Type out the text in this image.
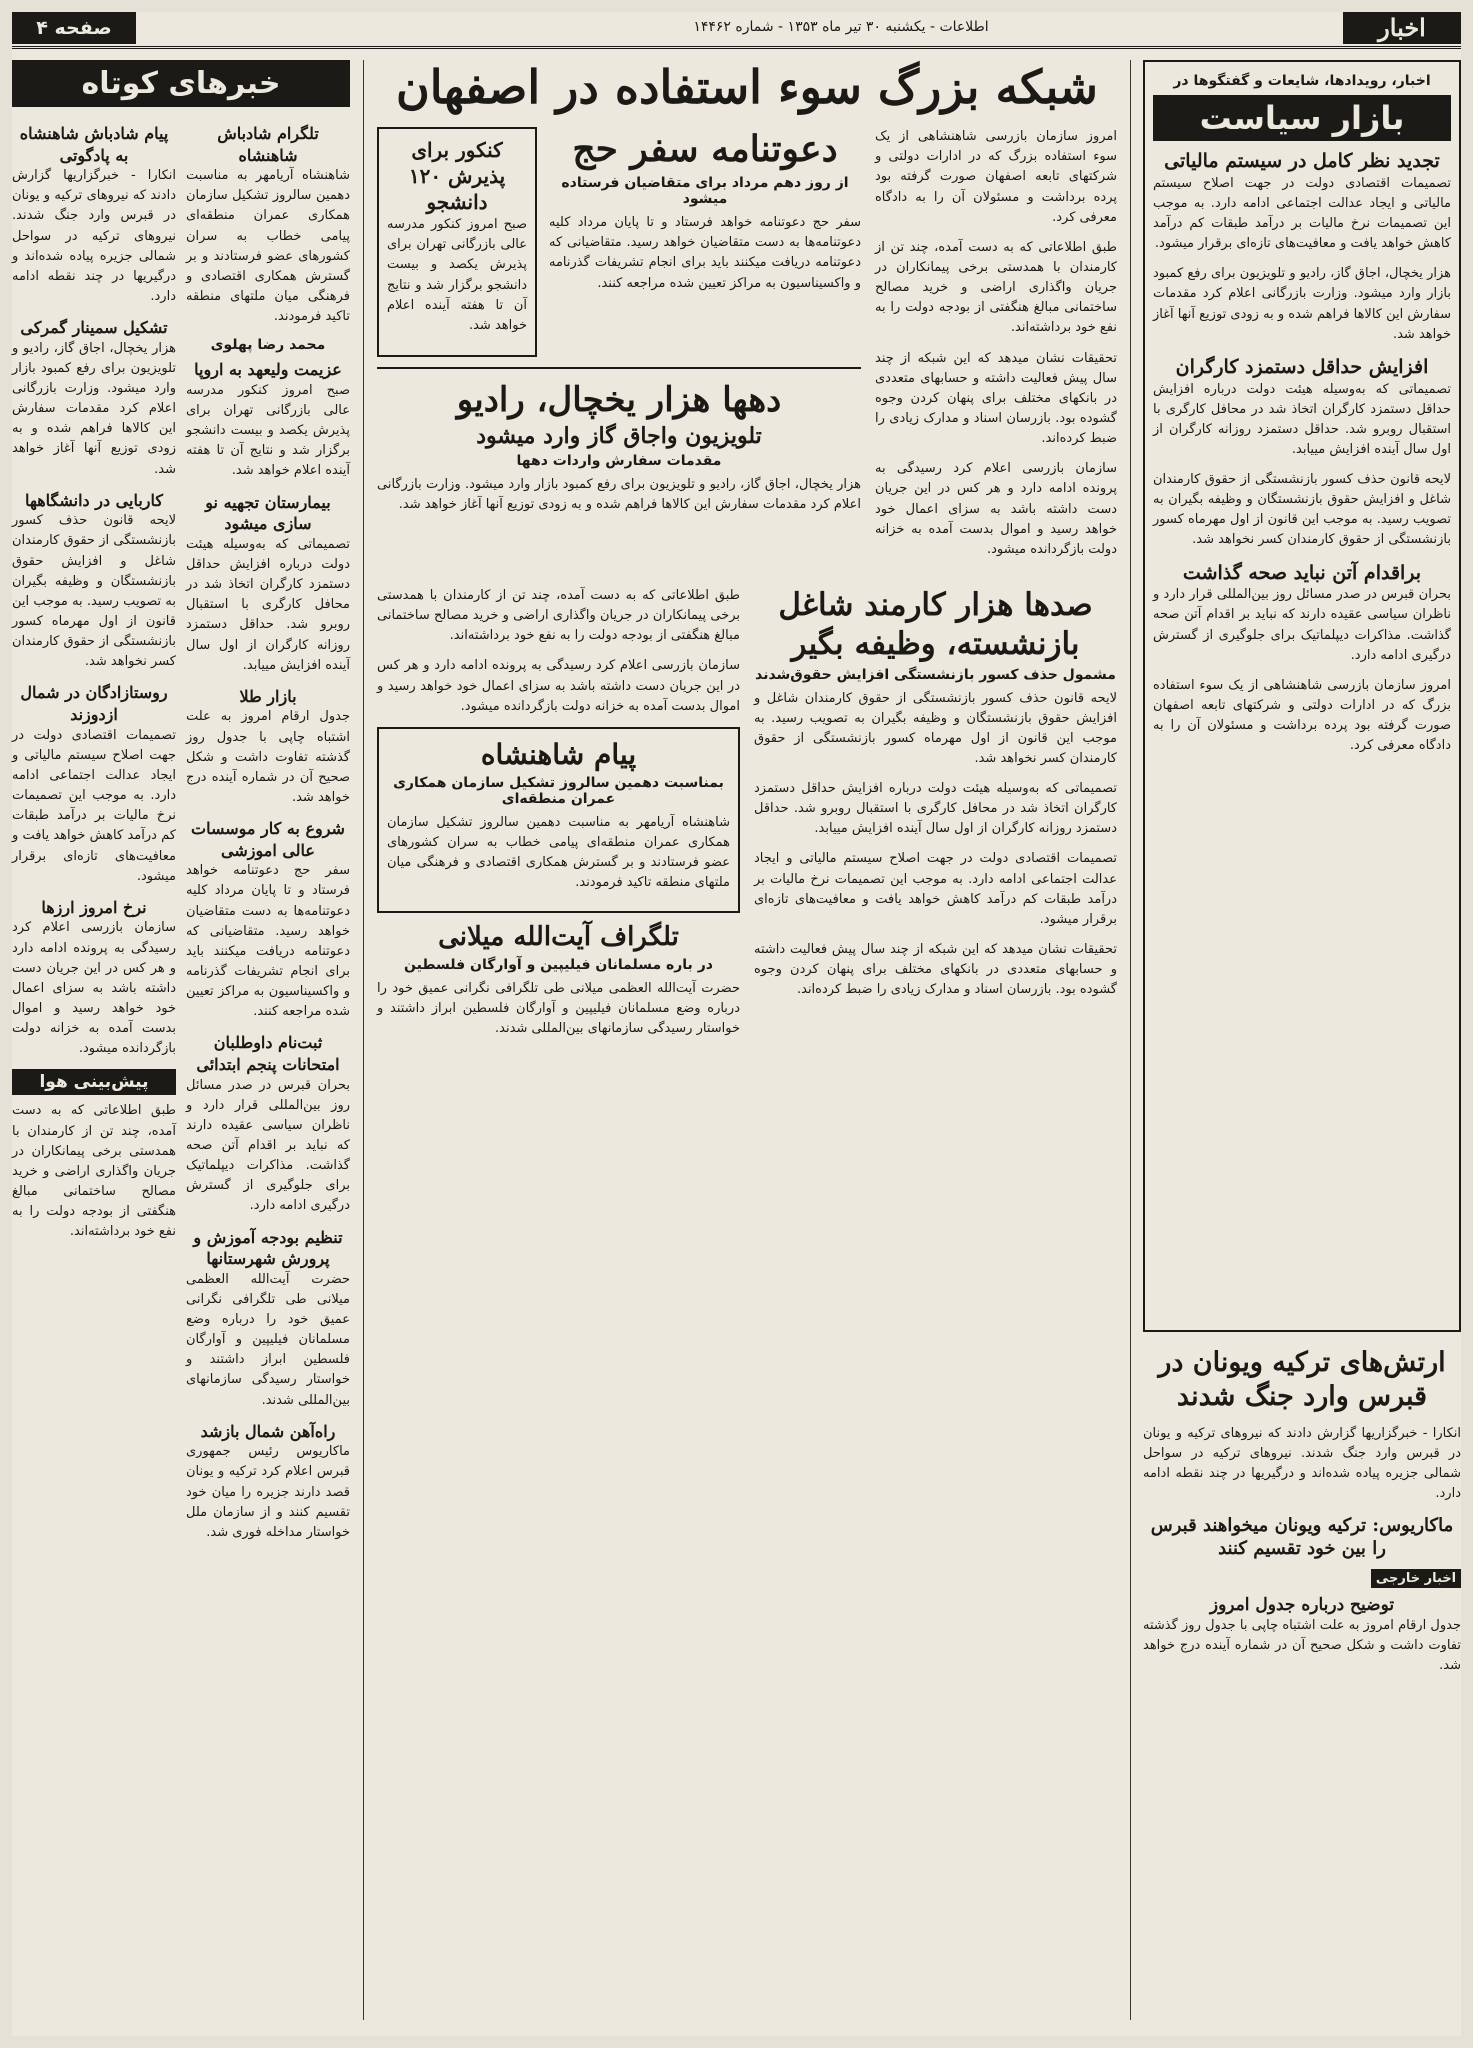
اخبار
اطلاعات - یکشنبه ۳۰ تیر ماه ۱۳۵۳ - شماره ۱۴۴۶۲
صفحه ۴
اخبار، رویدادها، شایعات و گفتگوها در
بازار سیاست
تجدید نظر کامل در سیستم مالیاتی

تصمیمات اقتصادی دولت در جهت اصلاح سیستم مالیاتی و ایجاد عدالت اجتماعی ادامه دارد. به موجب این تصمیمات نرخ مالیات بر درآمد طبقات کم درآمد کاهش خواهد یافت و معافیت‌های تازه‌ای برقرار میشود.

هزار یخچال، اجاق گاز، رادیو و تلویزیون برای رفع کمبود بازار وارد میشود. وزارت بازرگانی اعلام کرد مقدمات سفارش این کالاها فراهم شده و به زودی توزیع آنها آغاز خواهد شد.

افزایش حداقل دستمزد کارگران

تصمیماتی که به‌وسیله هیئت دولت درباره افزایش حداقل دستمزد کارگران اتخاذ شد در محافل کارگری با استقبال روبرو شد. حداقل دستمزد روزانه کارگران از اول سال آینده افزایش مییابد.

لایحه قانون حذف کسور بازنشستگی از حقوق کارمندان شاغل و افزایش حقوق بازنشستگان و وظیفه بگیران به تصویب رسید. به موجب این قانون از اول مهرماه کسور بازنشستگی از حقوق کارمندان کسر نخواهد شد.

براقدام آتن نباید صحه گذاشت

بحران قبرس در صدر مسائل روز بین‌المللی قرار دارد و ناظران سیاسی عقیده دارند که نباید بر اقدام آتن صحه گذاشت. مذاکرات دیپلماتیک برای جلوگیری از گسترش درگیری ادامه دارد.

امروز سازمان بازرسی شاهنشاهی از یک سوء استفاده بزرگ که در ادارات دولتی و شرکتهای تابعه اصفهان صورت گرفته بود پرده برداشت و مسئولان آن را به دادگاه معرفی کرد.

ارتش‌های ترکیه ویونان در قبرس وارد جنگ شدند

انکارا - خبرگزاریها گزارش دادند که نیروهای ترکیه و یونان در قبرس وارد جنگ شدند. نیروهای ترکیه در سواحل شمالی جزیره پیاده شده‌اند و درگیریها در چند نقطه ادامه دارد.

ماکاریوس: ترکیه ویونان میخواهند قبرس را بین خود تقسیم کنند
اخبار خارجی
توضیح درباره جدول امروز

جدول ارقام امروز به علت اشتباه چاپی با جدول روز گذشته تفاوت داشت و شکل صحیح آن در شماره آینده درج خواهد شد.

شبکه بزرگ سوء استفاده در اصفهان

امروز سازمان بازرسی شاهنشاهی از یک سوء استفاده بزرگ که در ادارات دولتی و شرکتهای تابعه اصفهان صورت گرفته بود پرده برداشت و مسئولان آن را به دادگاه معرفی کرد.

طبق اطلاعاتی که به دست آمده، چند تن از کارمندان با همدستی برخی پیمانکاران در جریان واگذاری اراضی و خرید مصالح ساختمانی مبالغ هنگفتی از بودجه دولت را به نفع خود برداشته‌اند.

تحقیقات نشان میدهد که این شبکه از چند سال پیش فعالیت داشته و حسابهای متعددی در بانکهای مختلف برای پنهان کردن وجوه گشوده بود. بازرسان اسناد و مدارک زیادی را ضبط کرده‌اند.

سازمان بازرسی اعلام کرد رسیدگی به پرونده ادامه دارد و هر کس در این جریان دست داشته باشد به سزای اعمال خود خواهد رسید و اموال بدست آمده به خزانه دولت بازگردانده میشود.

دعوتنامه سفر حج
از روز دهم مرداد برای متقاضیان فرستاده میشود

سفر حج دعوتنامه خواهد فرستاد و تا پایان مرداد کلیه دعوتنامه‌ها به دست متقاضیان خواهد رسید. متقاضیانی که دعوتنامه دریافت میکنند باید برای انجام تشریفات گذرنامه و واکسیناسیون به مراکز تعیین شده مراجعه کنند.

کنکور برای پذیرش ۱۲۰ دانشجو

صبح امروز کنکور مدرسه عالی بازرگانی تهران برای پذیرش یکصد و بیست دانشجو برگزار شد و نتایج آن تا هفته آینده اعلام خواهد شد.

دهها هزار یخچال، رادیو
تلویزیون واجاق گاز وارد میشود
مقدمات سفارش واردات دهها

هزار یخچال، اجاق گاز، رادیو و تلویزیون برای رفع کمبود بازار وارد میشود. وزارت بازرگانی اعلام کرد مقدمات سفارش این کالاها فراهم شده و به زودی توزیع آنها آغاز خواهد شد.

صدها هزار کارمند شاغل بازنشسته، وظیفه بگیر
مشمول حذف کسور بازنشستگی افزایش حقوق‌شدند

لایحه قانون حذف کسور بازنشستگی از حقوق کارمندان شاغل و افزایش حقوق بازنشستگان و وظیفه بگیران به تصویب رسید. به موجب این قانون از اول مهرماه کسور بازنشستگی از حقوق کارمندان کسر نخواهد شد.

تصمیماتی که به‌وسیله هیئت دولت درباره افزایش حداقل دستمزد کارگران اتخاذ شد در محافل کارگری با استقبال روبرو شد. حداقل دستمزد روزانه کارگران از اول سال آینده افزایش مییابد.

تصمیمات اقتصادی دولت در جهت اصلاح سیستم مالیاتی و ایجاد عدالت اجتماعی ادامه دارد. به موجب این تصمیمات نرخ مالیات بر درآمد طبقات کم درآمد کاهش خواهد یافت و معافیت‌های تازه‌ای برقرار میشود.

تحقیقات نشان میدهد که این شبکه از چند سال پیش فعالیت داشته و حسابهای متعددی در بانکهای مختلف برای پنهان کردن وجوه گشوده بود. بازرسان اسناد و مدارک زیادی را ضبط کرده‌اند.

طبق اطلاعاتی که به دست آمده، چند تن از کارمندان با همدستی برخی پیمانکاران در جریان واگذاری اراضی و خرید مصالح ساختمانی مبالغ هنگفتی از بودجه دولت را به نفع خود برداشته‌اند.

سازمان بازرسی اعلام کرد رسیدگی به پرونده ادامه دارد و هر کس در این جریان دست داشته باشد به سزای اعمال خود خواهد رسید و اموال بدست آمده به خزانه دولت بازگردانده میشود.

پیام شاهنشاه
بمناسبت دهمین سالروز تشکیل سازمان همکاری عمران منطقه‌ای

شاهنشاه آریامهر به مناسبت دهمین سالروز تشکیل سازمان همکاری عمران منطقه‌ای پیامی خطاب به سران کشورهای عضو فرستادند و بر گسترش همکاری اقتصادی و فرهنگی میان ملتهای منطقه تاکید فرمودند.

تلگراف آیت‌الله میلانی
در باره مسلمانان فیلیپین و آوارگان فلسطین

حضرت آیت‌الله العظمی میلانی طی تلگرافی نگرانی عمیق خود را درباره وضع مسلمانان فیلیپین و آوارگان فلسطین ابراز داشتند و خواستار رسیدگی سازمانهای بین‌المللی شدند.

خبرهای کوتاه
تلگرام شادباش شاهنشاه

شاهنشاه آریامهر به مناسبت دهمین سالروز تشکیل سازمان همکاری عمران منطقه‌ای پیامی خطاب به سران کشورهای عضو فرستادند و بر گسترش همکاری اقتصادی و فرهنگی میان ملتهای منطقه تاکید فرمودند.

محمد رضا پهلوی
عزیمت ولیعهد به اروپا

صبح امروز کنکور مدرسه عالی بازرگانی تهران برای پذیرش یکصد و بیست دانشجو برگزار شد و نتایج آن تا هفته آینده اعلام خواهد شد.

بیمارستان تجهیه نو سازی میشود

تصمیماتی که به‌وسیله هیئت دولت درباره افزایش حداقل دستمزد کارگران اتخاذ شد در محافل کارگری با استقبال روبرو شد. حداقل دستمزد روزانه کارگران از اول سال آینده افزایش مییابد.

بازار طلا

جدول ارقام امروز به علت اشتباه چاپی با جدول روز گذشته تفاوت داشت و شکل صحیح آن در شماره آینده درج خواهد شد.

شروع به کار موسسات عالی اموزشی

سفر حج دعوتنامه خواهد فرستاد و تا پایان مرداد کلیه دعوتنامه‌ها به دست متقاضیان خواهد رسید. متقاضیانی که دعوتنامه دریافت میکنند باید برای انجام تشریفات گذرنامه و واکسیناسیون به مراکز تعیین شده مراجعه کنند.

ثبت‌نام داوطلبان امتحانات پنجم ابتدائی

بحران قبرس در صدر مسائل روز بین‌المللی قرار دارد و ناظران سیاسی عقیده دارند که نباید بر اقدام آتن صحه گذاشت. مذاکرات دیپلماتیک برای جلوگیری از گسترش درگیری ادامه دارد.

تنظیم بودجه آموزش و پرورش شهرستانها

حضرت آیت‌الله العظمی میلانی طی تلگرافی نگرانی عمیق خود را درباره وضع مسلمانان فیلیپین و آوارگان فلسطین ابراز داشتند و خواستار رسیدگی سازمانهای بین‌المللی شدند.

راه‌آهن شمال بازشد

ماکاریوس رئیس جمهوری قبرس اعلام کرد ترکیه و یونان قصد دارند جزیره را میان خود تقسیم کنند و از سازمان ملل خواستار مداخله فوری شد.

پیام شادباش شاهنشاه به پادگوتی

انکارا - خبرگزاریها گزارش دادند که نیروهای ترکیه و یونان در قبرس وارد جنگ شدند. نیروهای ترکیه در سواحل شمالی جزیره پیاده شده‌اند و درگیریها در چند نقطه ادامه دارد.

تشکیل سمینار گمرکی

هزار یخچال، اجاق گاز، رادیو و تلویزیون برای رفع کمبود بازار وارد میشود. وزارت بازرگانی اعلام کرد مقدمات سفارش این کالاها فراهم شده و به زودی توزیع آنها آغاز خواهد شد.

کاربایی در دانشگاهها

لایحه قانون حذف کسور بازنشستگی از حقوق کارمندان شاغل و افزایش حقوق بازنشستگان و وظیفه بگیران به تصویب رسید. به موجب این قانون از اول مهرماه کسور بازنشستگی از حقوق کارمندان کسر نخواهد شد.

روستازادگان در شمال ازدوزند

تصمیمات اقتصادی دولت در جهت اصلاح سیستم مالیاتی و ایجاد عدالت اجتماعی ادامه دارد. به موجب این تصمیمات نرخ مالیات بر درآمد طبقات کم درآمد کاهش خواهد یافت و معافیت‌های تازه‌ای برقرار میشود.

نرخ امروز ارزها

سازمان بازرسی اعلام کرد رسیدگی به پرونده ادامه دارد و هر کس در این جریان دست داشته باشد به سزای اعمال خود خواهد رسید و اموال بدست آمده به خزانه دولت بازگردانده میشود.

پیش‌بینی هوا

طبق اطلاعاتی که به دست آمده، چند تن از کارمندان با همدستی برخی پیمانکاران در جریان واگذاری اراضی و خرید مصالح ساختمانی مبالغ هنگفتی از بودجه دولت را به نفع خود برداشته‌اند.
